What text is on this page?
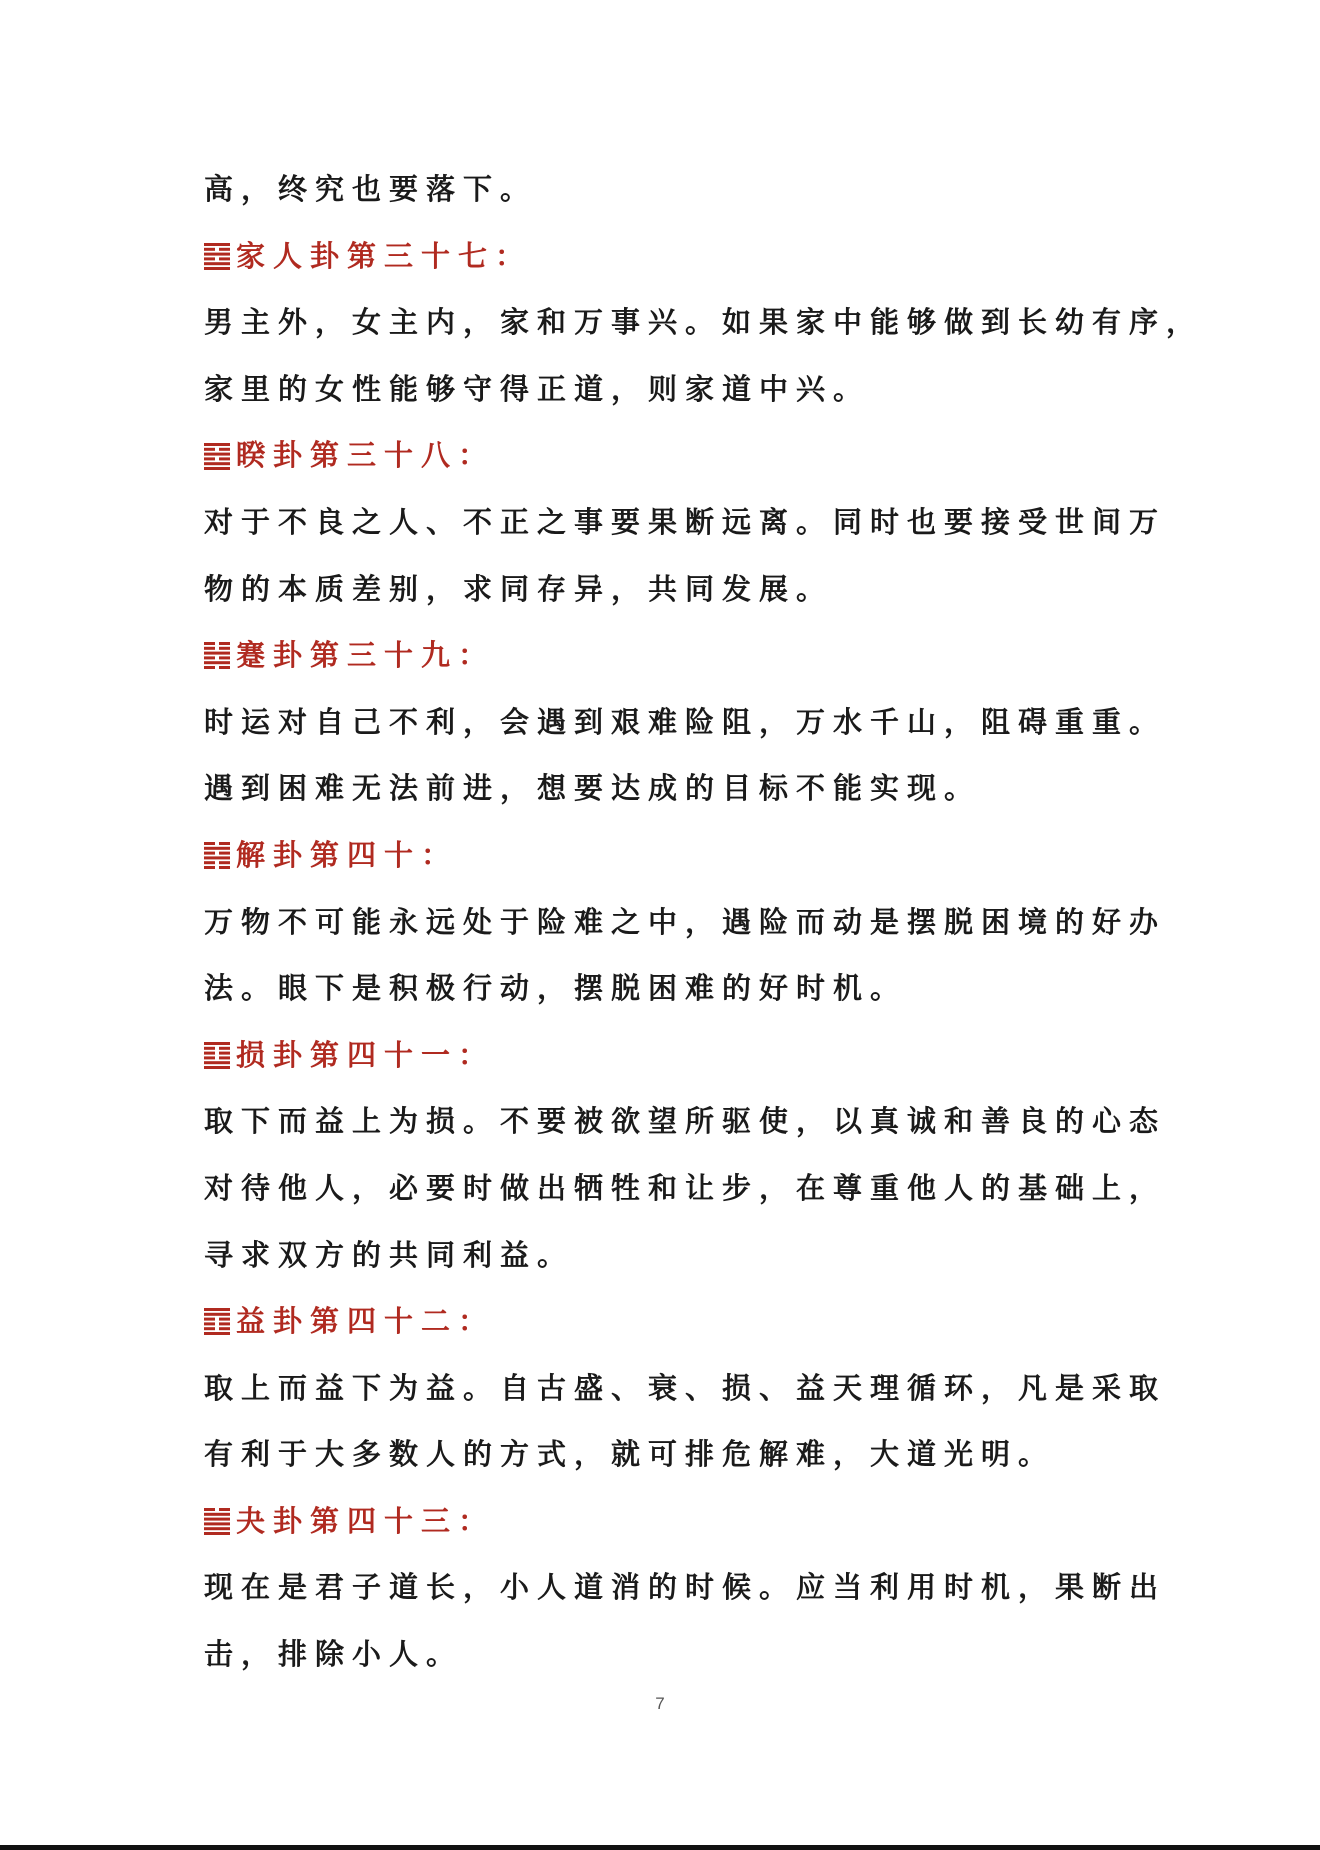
高，终究也要落下。
家人卦第三十七：
男主外，女主内，家和万事兴。如果家中能够做到长幼有序，
家里的女性能够守得正道，则家道中兴。
睽卦第三十八：
对于不良之人、不正之事要果断远离。同时也要接受世间万
物的本质差别，求同存异，共同发展。
蹇卦第三十九：
时运对自己不利，会遇到艰难险阻，万水千山，阻碍重重。
遇到困难无法前进，想要达成的目标不能实现。
解卦第四十：
万物不可能永远处于险难之中，遇险而动是摆脱困境的好办
法。眼下是积极行动，摆脱困难的好时机。
损卦第四十一：
取下而益上为损。不要被欲望所驱使，以真诚和善良的心态
对待他人，必要时做出牺牲和让步，在尊重他人的基础上，
寻求双方的共同利益。
益卦第四十二：
取上而益下为益。自古盛、衰、损、益天理循环，凡是采取
有利于大多数人的方式，就可排危解难，大道光明。
夬卦第四十三：
现在是君子道长，小人道消的时候。应当利用时机，果断出
击，排除小人。
7
